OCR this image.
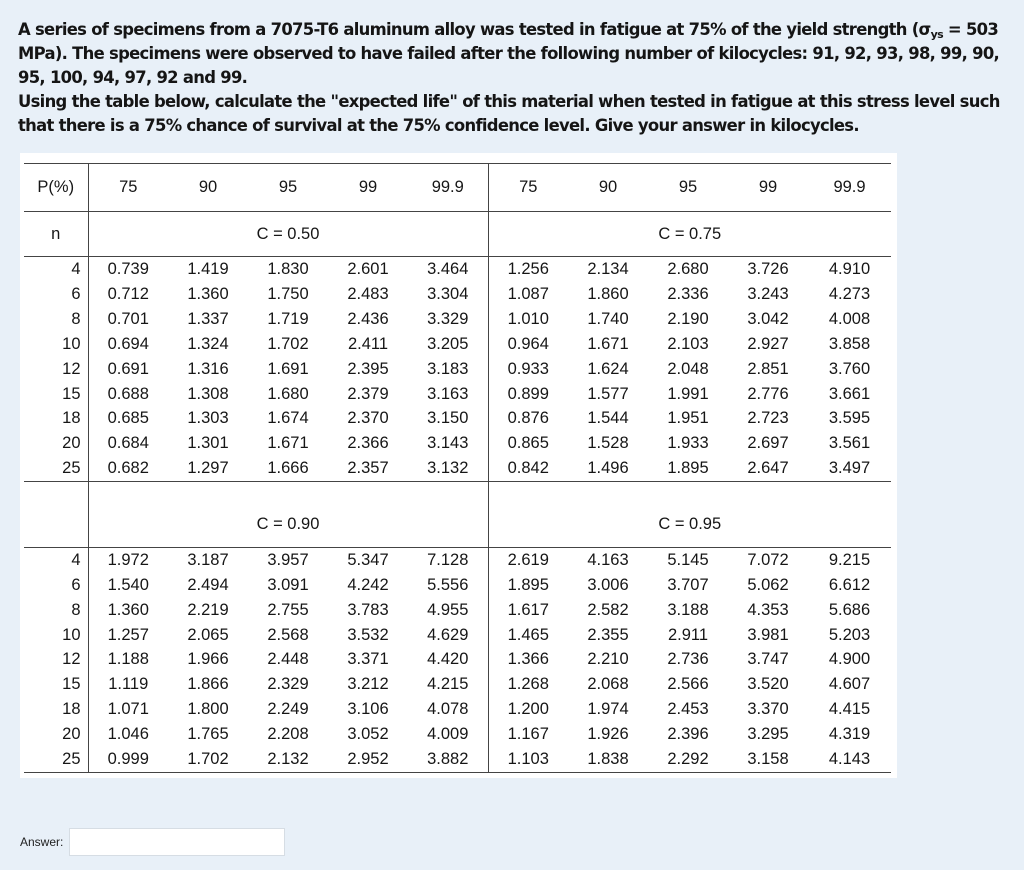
A series of specimens from a 7075-T6 aluminum alloy was tested in fatigue at 75% of the yield strength ($\sigma_{ys} = 503$ MPa). The specimens were observed to have failed after the following number of kilocycles: 91, 92, 93, 98, 99, 90, 95, 100, 94, 97, 92 and 99.

Using the table below, calculate the "expected life" of this material when tested in fatigue at this stress level such that there is a 75% chance of survival at the 75% confidence level. Give your answer in kilocycles.

P(%)	75	90	95	99	99.9	75	90	95	99	99.9
n	C = 0.50					C = 0.75				
4	0.739	1.419	1.830	2.601	3.464	1.256	2.134	2.680	3.726	4.910
6	0.712	1.360	1.750	2.483	3.304	1.087	1.860	2.336	3.243	4.273
8	0.701	1.337	1.719	2.436	3.329	1.010	1.740	2.190	3.042	4.008
10	0.694	1.324	1.702	2.411	3.205	0.964	1.671	2.103	2.927	3.858
12	0.691	1.316	1.691	2.395	3.183	0.933	1.624	2.048	2.851	3.760
15	0.688	1.308	1.680	2.379	3.163	0.899	1.577	1.991	2.776	3.661
18	0.685	1.303	1.674	2.370	3.150	0.876	1.544	1.951	2.723	3.595
20	0.684	1.301	1.671	2.366	3.143	0.865	1.528	1.933	2.697	3.561
25	0.682	1.297	1.666	2.357	3.132	0.842	1.496	1.895	2.647	3.497

	C = 0.90					C = 0.95				
4	1.972	3.187	3.957	5.347	7.128	2.619	4.163	5.145	7.072	9.215
6	1.540	2.494	3.091	4.242	5.556	1.895	3.006	3.707	5.062	6.612
8	1.360	2.219	2.755	3.783	4.955	1.617	2.582	3.188	4.353	5.686
10	1.257	2.065	2.568	3.532	4.629	1.465	2.355	2.911	3.981	5.203
12	1.188	1.966	2.448	3.371	4.420	1.366	2.210	2.736	3.747	4.900
15	1.119	1.866	2.329	3.212	4.215	1.268	2.068	2.566	3.520	4.607
18	1.071	1.800	2.249	3.106	4.078	1.200	1.974	2.453	3.370	4.415
20	1.046	1.765	2.208	3.052	4.009	1.167	1.926	2.396	3.295	4.319
25	0.999	1.702	2.132	2.952	3.882	1.103	1.838	2.292	3.158	4.143
Answer:
